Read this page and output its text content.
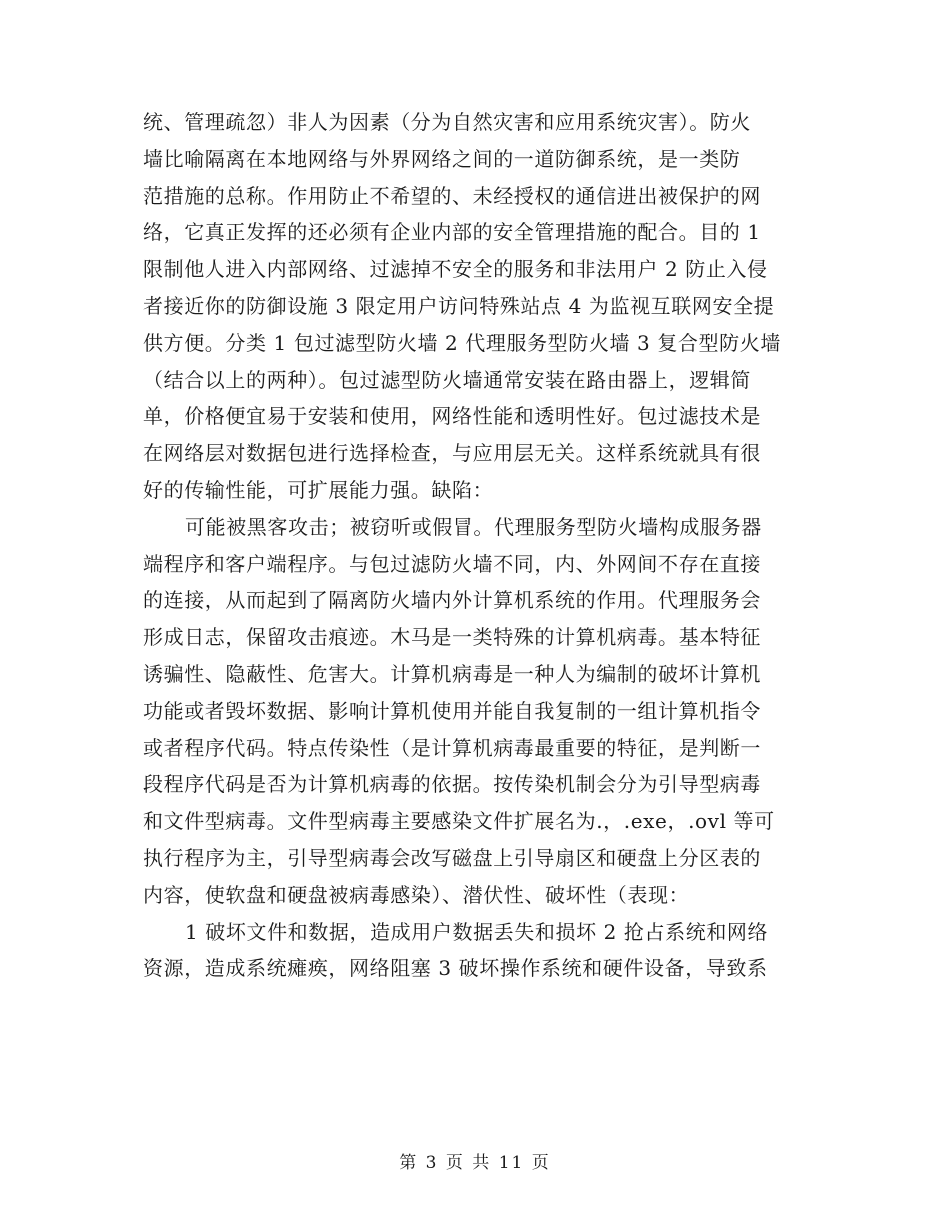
统、管理疏忽）非人为因素（分为自然灾害和应用系统灾害）。防火
墙比喻隔离在本地网络与外界网络之间的一道防御系统，是一类防
范措施的总称。作用防止不希望的、未经授权的通信进出被保护的网
络，它真正发挥的还必须有企业内部的安全管理措施的配合。目的 1
限制他人进入内部网络、过滤掉不安全的服务和非法用户 2 防止入侵
者接近你的防御设施 3 限定用户访问特殊站点 4 为监视互联网安全提
供方便。分类 1 包过滤型防火墙 2 代理服务型防火墙 3 复合型防火墙
（结合以上的两种）。包过滤型防火墙通常安装在路由器上，逻辑简
单，价格便宜易于安装和使用，网络性能和透明性好。包过滤技术是
在网络层对数据包进行选择检查，与应用层无关。这样系统就具有很
好的传输性能，可扩展能力强。缺陷：
可能被黑客攻击；被窃听或假冒。代理服务型防火墙构成服务器
端程序和客户端程序。与包过滤防火墙不同，内、外网间不存在直接
的连接，从而起到了隔离防火墙内外计算机系统的作用。代理服务会
形成日志，保留攻击痕迹。木马是一类特殊的计算机病毒。基本特征
诱骗性、隐蔽性、危害大。计算机病毒是一种人为编制的破坏计算机
功能或者毁坏数据、影响计算机使用并能自我复制的一组计算机指令
或者程序代码。特点传染性（是计算机病毒最重要的特征，是判断一
段程序代码是否为计算机病毒的依据。按传染机制会分为引导型病毒
和文件型病毒。文件型病毒主要感染文件扩展名为.，.exe，.ovl 等可
执行程序为主，引导型病毒会改写磁盘上引导扇区和硬盘上分区表的
内容，使软盘和硬盘被病毒感染）、潜伏性、破坏性（表现：
1 破坏文件和数据，造成用户数据丢失和损坏 2 抢占系统和网络
资源，造成系统瘫痪，网络阻塞 3 破坏操作系统和硬件设备，导致系
第 3 页 共 11 页
